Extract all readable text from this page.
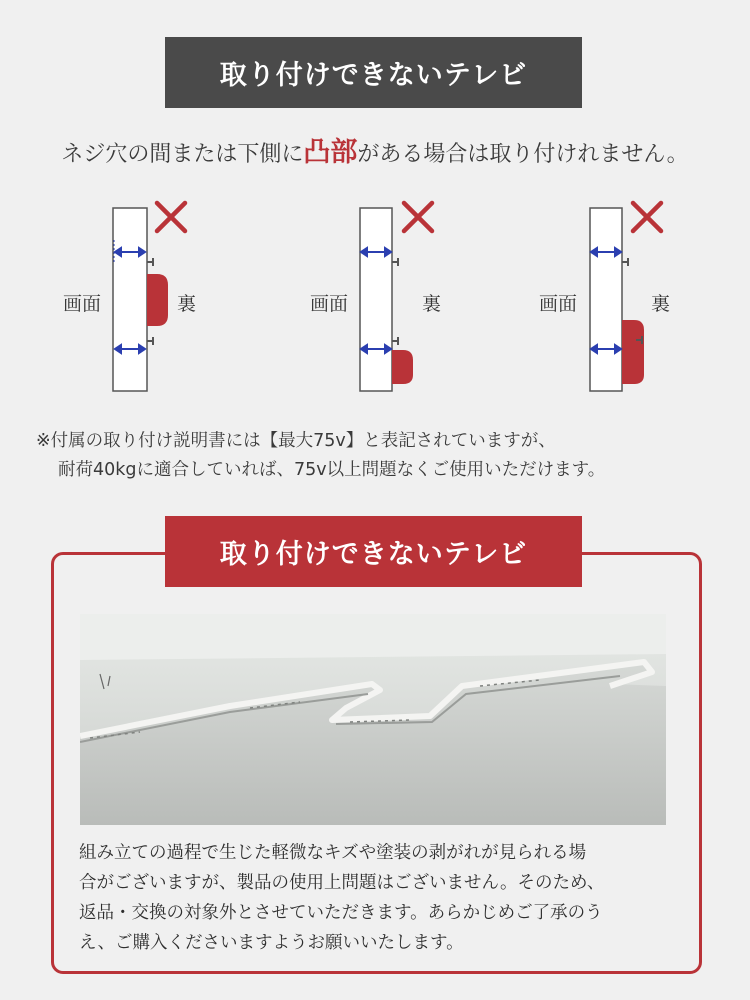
取り付けできないテレビ
ネジ穴の間または下側に凸部がある場合は取り付けれません。
画面	裏	画面	裏	画面	裏
※付属の取り付け説明書には【最大75v】と表記されていますが、
耐荷40kgに適合していれば、75v以上問題なくご使用いただけます。
取り付けできないテレビ
組み立ての過程で生じた軽微なキズや塗装の剥がれが見られる場
合がございますが、製品の使用上問題はございません。そのため、
返品・交換の対象外とさせていただきます。あらかじめご了承のう
え、ご購入くださいますようお願いいたします。
